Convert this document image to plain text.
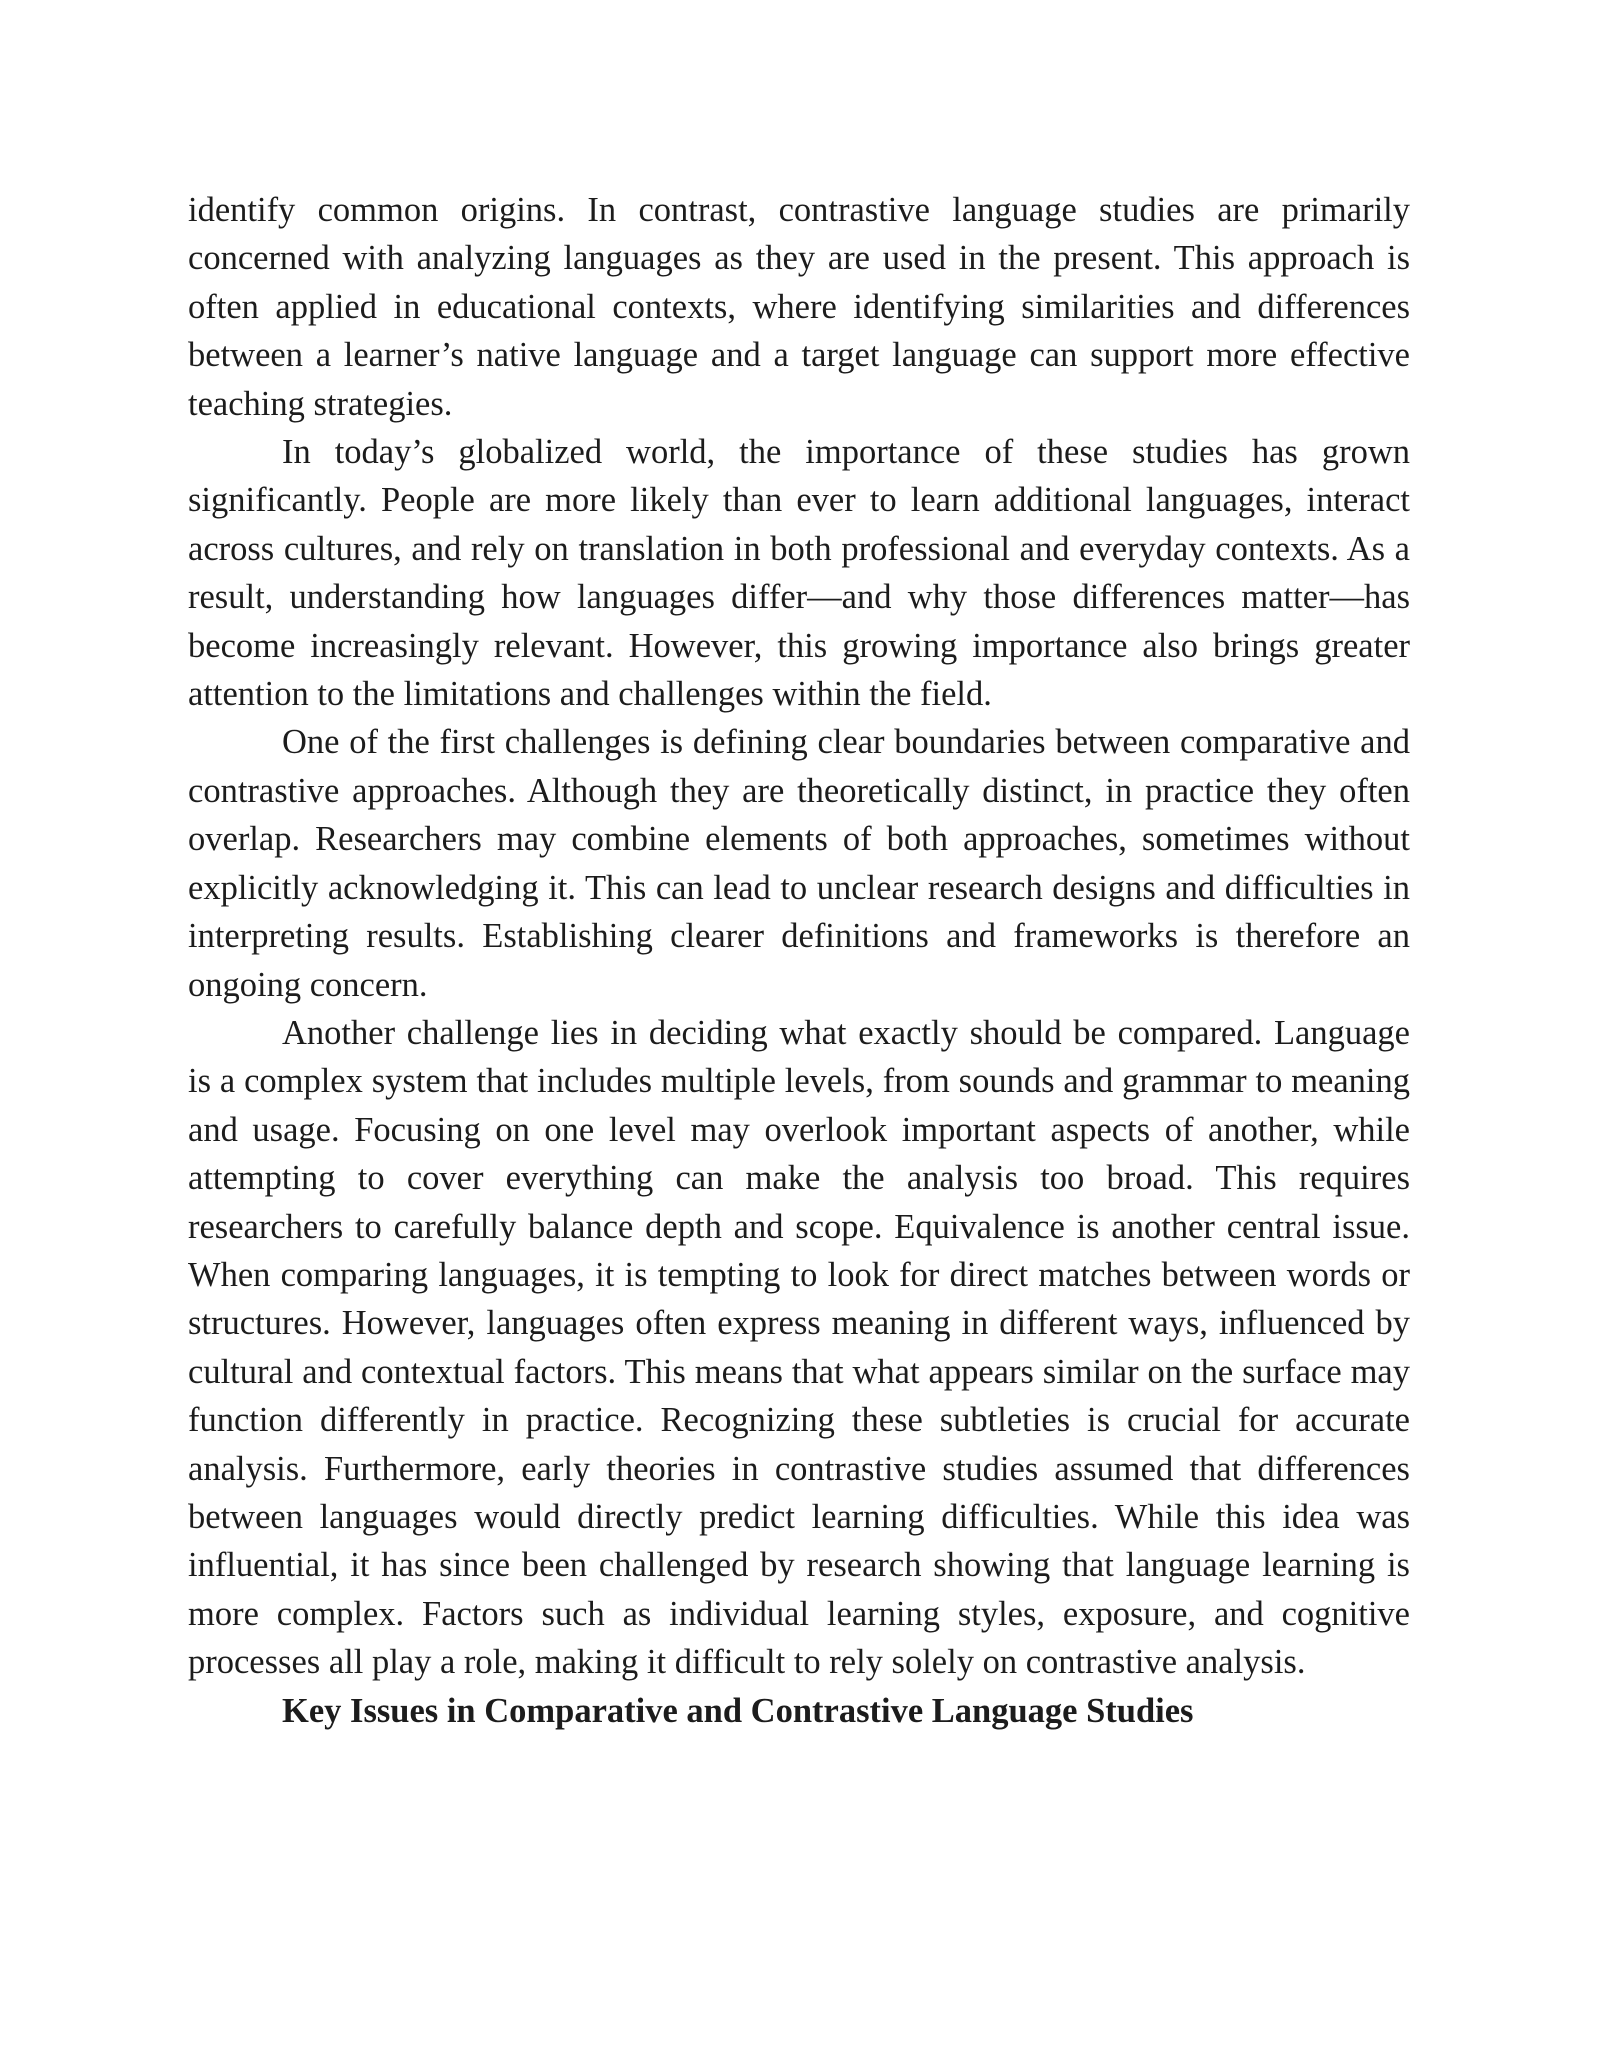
identify common origins. In contrast, contrastive language studies are primarily concerned with analyzing languages as they are used in the present. This approach is often applied in educational contexts, where identifying similarities and differences between a learner’s native language and a target language can support more effective teaching strategies.

In today’s globalized world, the importance of these studies has grown significantly. People are more likely than ever to learn additional languages, interact across cultures, and rely on translation in both professional and everyday contexts. As a result, understanding how languages differ—and why those differences matter—has become increasingly relevant. However, this growing importance also brings greater attention to the limitations and challenges within the field.

One of the first challenges is defining clear boundaries between comparative and contrastive approaches. Although they are theoretically distinct, in practice they often overlap. Researchers may combine elements of both approaches, sometimes without explicitly acknowledging it. This can lead to unclear research designs and difficulties in interpreting results. Establishing clearer definitions and frameworks is therefore an ongoing concern.

Another challenge lies in deciding what exactly should be compared. Language is a complex system that includes multiple levels, from sounds and grammar to meaning and usage. Focusing on one level may overlook important aspects of another, while attempting to cover everything can make the analysis too broad. This requires researchers to carefully balance depth and scope. Equivalence is another central issue. When comparing languages, it is tempting to look for direct matches between words or structures. However, languages often express meaning in different ways, influenced by cultural and contextual factors. This means that what appears similar on the surface may function differently in practice. Recognizing these subtleties is crucial for accurate analysis. Furthermore, early theories in contrastive studies assumed that differences between languages would directly predict learning difficulties. While this idea was influential, it has since been challenged by research showing that language learning is more complex. Factors such as individual learning styles, exposure, and cognitive processes all play a role, making it difficult to rely solely on contrastive analysis.

Key Issues in Comparative and Contrastive Language Studies
